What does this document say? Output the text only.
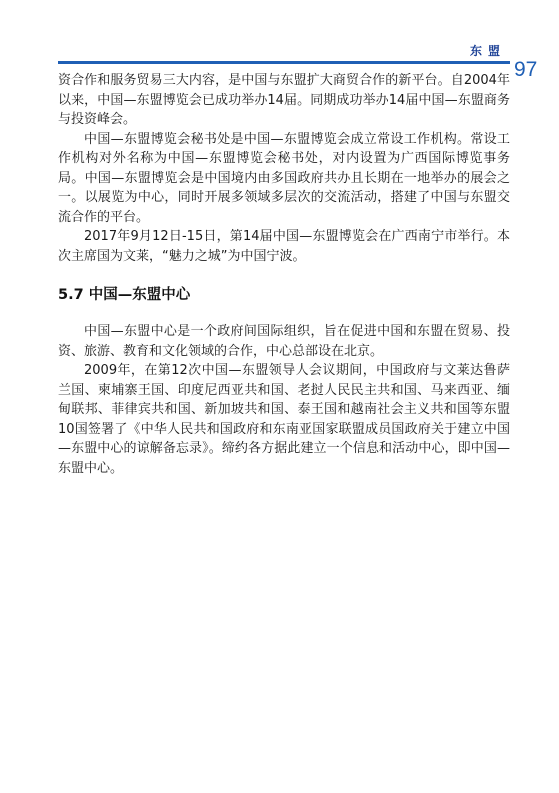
东盟
97

资合作和服务贸易三大内容，是中国与东盟扩大商贸合作的新平台。自2004年以来，中国—东盟博览会已成功举办14届。同期成功举办14届中国—东盟商务与投资峰会。

中国—东盟博览会秘书处是中国—东盟博览会成立常设工作机构。常设工作机构对外名称为中国—东盟博览会秘书处，对内设置为广西国际博览事务局。中国—东盟博览会是中国境内由多国政府共办且长期在一地举办的展会之一。以展览为中心，同时开展多领域多层次的交流活动，搭建了中国与东盟交流合作的平台。

2017年9月12日-15日，第14届中国—东盟博览会在广西南宁市举行。本次主席国为文莱，“魅力之城”为中国宁波。

5.7 中国—东盟中心

中国—东盟中心是一个政府间国际组织，旨在促进中国和东盟在贸易、投资、旅游、教育和文化领域的合作，中心总部设在北京。

2009年，在第12次中国—东盟领导人会议期间，中国政府与文莱达鲁萨兰国、柬埔寨王国、印度尼西亚共和国、老挝人民民主共和国、马来西亚、缅甸联邦、菲律宾共和国、新加坡共和国、泰王国和越南社会主义共和国等东盟10国签署了《中华人民共和国政府和东南亚国家联盟成员国政府关于建立中国—东盟中心的谅解备忘录》。缔约各方据此建立一个信息和活动中心，即中国—东盟中心。
